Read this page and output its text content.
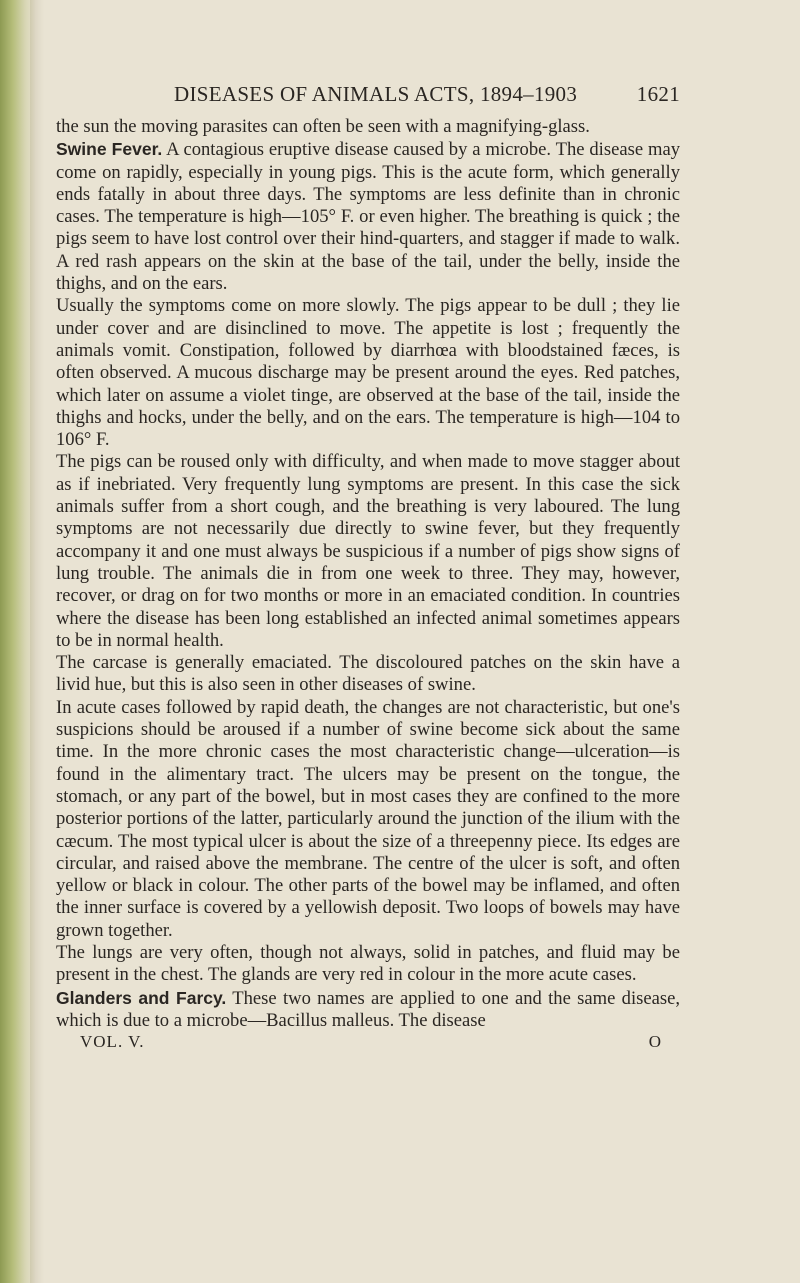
DISEASES OF ANIMALS ACTS, 1894–1903	1621

the sun the moving parasites can often be seen with a magnifying-glass.

Swine Fever. A contagious eruptive disease caused by a microbe. The disease may come on rapidly, especially in young pigs. This is the acute form, which generally ends fatally in about three days. The symptoms are less definite than in chronic cases. The temperature is high—105° F. or even higher. The breathing is quick ; the pigs seem to have lost control over their hind-quarters, and stagger if made to walk. A red rash appears on the skin at the base of the tail, under the belly, inside the thighs, and on the ears.

Usually the symptoms come on more slowly. The pigs appear to be dull ; they lie under cover and are disinclined to move. The appetite is lost ; frequently the animals vomit. Constipation, followed by diarrhœa with bloodstained fæces, is often observed. A mucous discharge may be present around the eyes. Red patches, which later on assume a violet tinge, are observed at the base of the tail, inside the thighs and hocks, under the belly, and on the ears. The temperature is high—104 to 106° F.

The pigs can be roused only with difficulty, and when made to move stagger about as if inebriated. Very frequently lung symptoms are present. In this case the sick animals suffer from a short cough, and the breathing is very laboured. The lung symptoms are not necessarily due directly to swine fever, but they frequently accompany it and one must always be suspicious if a number of pigs show signs of lung trouble. The animals die in from one week to three. They may, however, recover, or drag on for two months or more in an emaciated condition. In countries where the disease has been long established an infected animal sometimes appears to be in normal health.

The carcase is generally emaciated. The discoloured patches on the skin have a livid hue, but this is also seen in other diseases of swine.

In acute cases followed by rapid death, the changes are not characteristic, but one's suspicions should be aroused if a number of swine become sick about the same time. In the more chronic cases the most characteristic change—ulceration—is found in the alimentary tract. The ulcers may be present on the tongue, the stomach, or any part of the bowel, but in most cases they are confined to the more posterior portions of the latter, particularly around the junction of the ilium with the cæcum. The most typical ulcer is about the size of a threepenny piece. Its edges are circular, and raised above the membrane. The centre of the ulcer is soft, and often yellow or black in colour. The other parts of the bowel may be inflamed, and often the inner surface is covered by a yellowish deposit. Two loops of bowels may have grown together.

The lungs are very often, though not always, solid in patches, and fluid may be present in the chest. The glands are very red in colour in the more acute cases.

Glanders and Farcy. These two names are applied to one and the same disease, which is due to a microbe—Bacillus malleus. The disease

VOL. V.	O
